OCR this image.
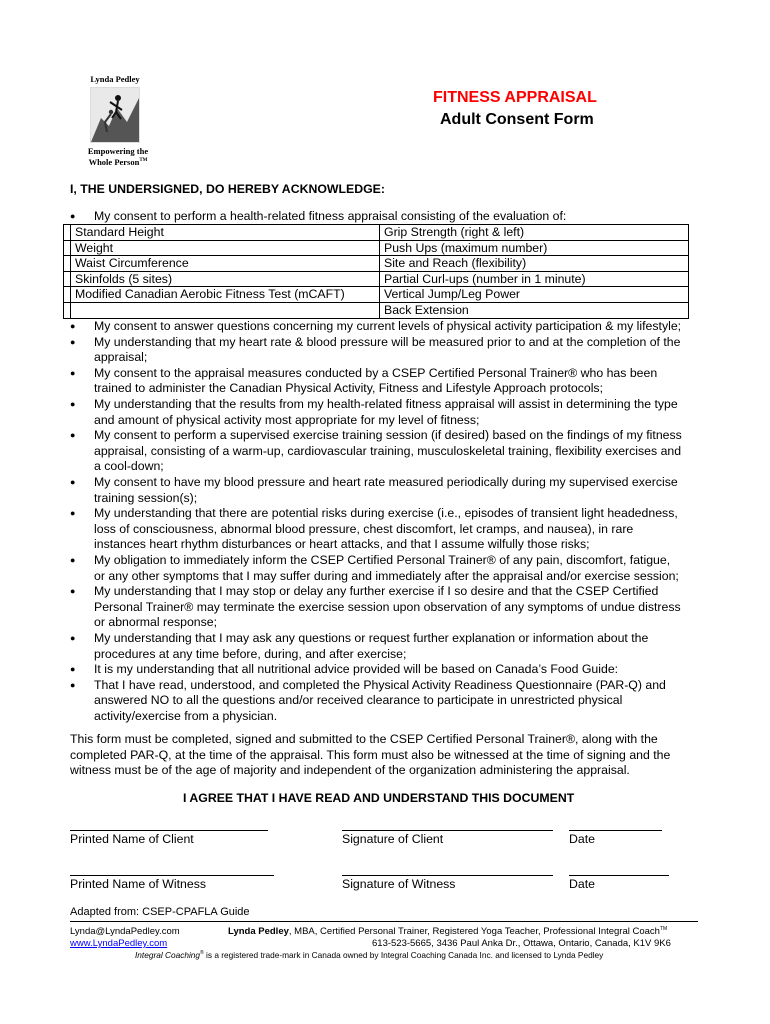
Lynda Pedley
Empowering the
Whole Person™
FITNESS APPRAISAL
Adult Consent Form
I, THE UNDERSIGNED, DO HEREBY ACKNOWLEDGE:
● My consent to perform a health-related fitness appraisal consisting of the evaluation of:
	Standard Height	Grip Strength (right & left)
	Weight	Push Ups (maximum number)
	Waist Circumference	Site and Reach (flexibility)
	Skinfolds (5 sites)	Partial Curl-ups (number in 1 minute)
	Modified Canadian Aerobic Fitness Test (mCAFT)	Vertical Jump/Leg Power
		Back Extension
● My consent to answer questions concerning my current levels of physical activity participation & my lifestyle;
● My understanding that my heart rate & blood pressure will be measured prior to and at the completion of the
appraisal;
● My consent to the appraisal measures conducted by a CSEP Certified Personal Trainer® who has been
trained to administer the Canadian Physical Activity, Fitness and Lifestyle Approach protocols;
● My understanding that the results from my health-related fitness appraisal will assist in determining the type
and amount of physical activity most appropriate for my level of fitness;
● My consent to perform a supervised exercise training session (if desired) based on the findings of my fitness
appraisal, consisting of a warm-up, cardiovascular training, musculoskeletal training, flexibility exercises and
a cool-down;
● My consent to have my blood pressure and heart rate measured periodically during my supervised exercise
training session(s);
● My understanding that there are potential risks during exercise (i.e., episodes of transient light headedness,
loss of consciousness, abnormal blood pressure, chest discomfort, let cramps, and nausea), in rare
instances heart rhythm disturbances or heart attacks, and that I assume wilfully those risks;
● My obligation to immediately inform the CSEP Certified Personal Trainer® of any pain, discomfort, fatigue,
or any other symptoms that I may suffer during and immediately after the appraisal and/or exercise session;
● My understanding that I may stop or delay any further exercise if I so desire and that the CSEP Certified
Personal Trainer® may terminate the exercise session upon observation of any symptoms of undue distress
or abnormal response;
● My understanding that I may ask any questions or request further explanation or information about the
procedures at any time before, during, and after exercise;
● It is my understanding that all nutritional advice provided will be based on Canada’s Food Guide:
● That I have read, understood, and completed the Physical Activity Readiness Questionnaire (PAR-Q) and
answered NO to all the questions and/or received clearance to participate in unrestricted physical
activity/exercise from a physician.
This form must be completed, signed and submitted to the CSEP Certified Personal Trainer®, along with the
completed PAR-Q, at the time of the appraisal. This form must also be witnessed at the time of signing and the
witness must be of the age of majority and independent of the organization administering the appraisal.
I AGREE THAT I HAVE READ AND UNDERSTAND THIS DOCUMENT
Printed Name of Client	Signature of Client	Date
Printed Name of Witness	Signature of Witness	Date
Adapted from: CSEP-CPAFLA Guide
Lynda@LyndaPedley.com
www.LyndaPedley.com
Lynda Pedley, MBA, Certified Personal Trainer, Registered Yoga Teacher, Professional Integral Coach™
613-523-5665, 3436 Paul Anka Dr., Ottawa, Ontario, Canada, K1V 9K6
Integral Coaching® is a registered trade-mark in Canada owned by Integral Coaching Canada Inc. and licensed to Lynda Pedley
